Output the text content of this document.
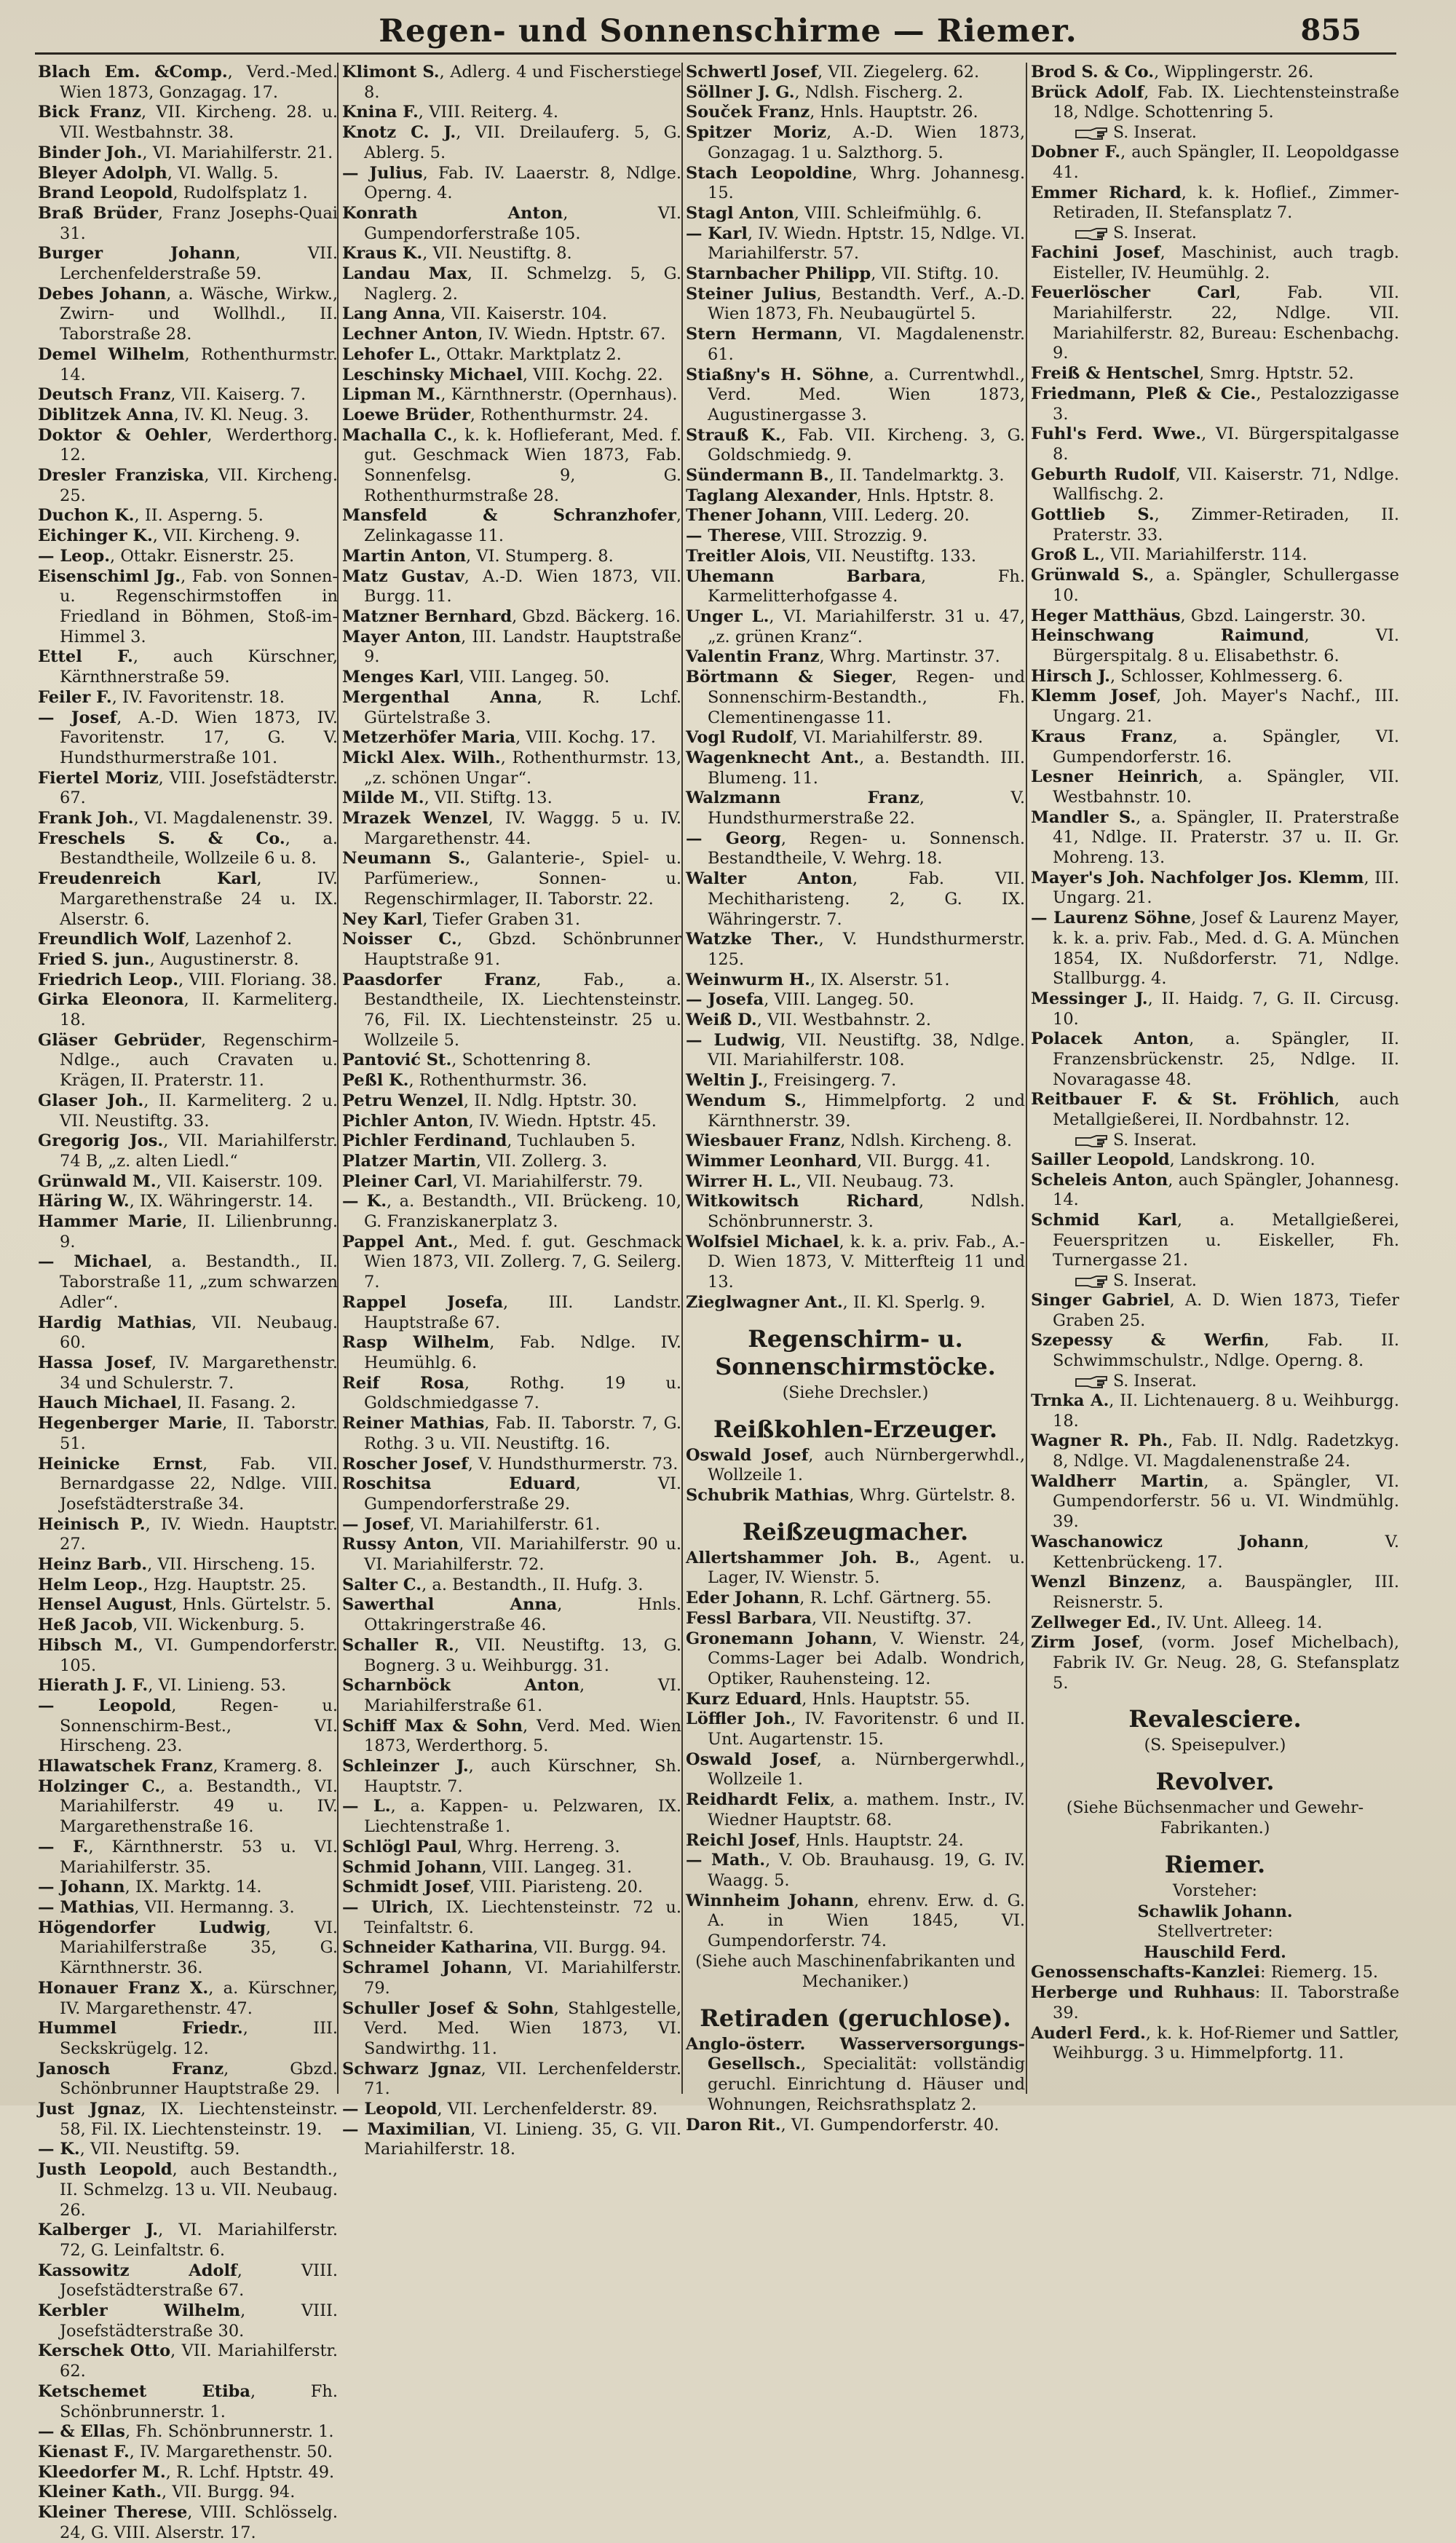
Regen- und Sonnenschirme — Riemer.	855
Blach Em. &Comp., Verd.-Med. Wien 1873, Gonzagag. 17.
Bick Franz, VII. Kircheng. 28. u. VII. Westbahnstr. 38.
Binder Joh., VI. Mariahilferstr. 21.
Bleyer Adolph, VI. Wallg. 5.
Brand Leopold, Rudolfsplatz 1.
Braß Brüder, Franz Josephs-Quai 31.
Burger Johann, VII. Lerchenfelderstraße 59.
Debes Johann, a. Wäsche, Wirkw., Zwirn- und Wollhdl., II. Taborstraße 28.
Demel Wilhelm, Rothenthurmstr. 14.
Deutsch Franz, VII. Kaiserg. 7.
Diblitzek Anna, IV. Kl. Neug. 3.
Doktor & Oehler, Werderthorg. 12.
Dresler Franziska, VII. Kircheng. 25.
Duchon K., II. Asperng. 5.
Eichinger K., VII. Kircheng. 9.
— Leop., Ottakr. Eisnerstr. 25.
Eisenschiml Jg., Fab. von Sonnen- u. Regenschirmstoffen in Friedland in Böhmen, Stoß-im-Himmel 3.
Ettel F., auch Kürschner, Kärnthnerstraße 59.
Feiler F., IV. Favoritenstr. 18.
— Josef, A.-D. Wien 1873, IV. Favoritenstr. 17, G. V. Hundsthurmerstraße 101.
Fiertel Moriz, VIII. Josefstädterstr. 67.
Frank Joh., VI. Magdalenenstr. 39.
Freschels S. & Co., a. Bestandtheile, Wollzeile 6 u. 8.
Freudenreich Karl, IV. Margarethenstraße 24 u. IX. Alserstr. 6.
Freundlich Wolf, Lazenhof 2.
Fried S. jun., Augustinerstr. 8.
Friedrich Leop., VIII. Floriang. 38.
Girka Eleonora, II. Karmeliterg. 18.
Gläser Gebrüder, Regenschirm-Ndlge., auch Cravaten u. Krägen, II. Praterstr. 11.
Glaser Joh., II. Karmeliterg. 2 u. VII. Neustiftg. 33.
Gregorig Jos., VII. Mariahilferstr. 74 B, „z. alten Liedl.“
Grünwald M., VII. Kaiserstr. 109.
Häring W., IX. Währingerstr. 14.
Hammer Marie, II. Lilienbrunng. 9.
— Michael, a. Bestandth., II. Taborstraße 11, „zum schwarzen Adler“.
Hardig Mathias, VII. Neubaug. 60.
Hassa Josef, IV. Margarethenstr. 34 und Schulerstr. 7.
Hauch Michael, II. Fasang. 2.
Hegenberger Marie, II. Taborstr. 51.
Heinicke Ernst, Fab. VII. Bernardgasse 22, Ndlge. VIII. Josefstädterstraße 34.
Heinisch P., IV. Wiedn. Hauptstr. 27.
Heinz Barb., VII. Hirscheng. 15.
Helm Leop., Hzg. Hauptstr. 25.
Hensel August, Hnls. Gürtelstr. 5.
Heß Jacob, VII. Wickenburg. 5.
Hibsch M., VI. Gumpendorferstr. 105.
Hierath J. F., VI. Linieng. 53.
— Leopold, Regen- u. Sonnenschirm-Best., VI. Hirscheng. 23.
Hlawatschek Franz, Kramerg. 8.
Holzinger C., a. Bestandth., VI. Mariahilferstr. 49 u. IV. Margarethenstraße 16.
— F., Kärnthnerstr. 53 u. VI. Mariahilferstr. 35.
— Johann, IX. Marktg. 14.
— Mathias, VII. Hermanng. 3.
Högendorfer Ludwig, VI. Mariahilferstraße 35, G. Kärnthnerstr. 36.
Honauer Franz X., a. Kürschner, IV. Margarethenstr. 47.
Hummel Friedr., III. Seckskrügelg. 12.
Janosch Franz, Gbzd. Schönbrunner Hauptstraße 29.
Just Jgnaz, IX. Liechtensteinstr. 58, Fil. IX. Liechtensteinstr. 19.
— K., VII. Neustiftg. 59.
Justh Leopold, auch Bestandth., II. Schmelzg. 13 u. VII. Neubaug. 26.
Kalberger J., VI. Mariahilferstr. 72, G. Leinfaltstr. 6.
Kassowitz Adolf, VIII. Josefstädterstraße 67.
Kerbler Wilhelm, VIII. Josefstädterstraße 30.
Kerschek Otto, VII. Mariahilferstr. 62.
Ketschemet Etiba, Fh. Schönbrunnerstr. 1.
— & Ellas, Fh. Schönbrunnerstr. 1.
Kienast F., IV. Margarethenstr. 50.
Kleedorfer M., R. Lchf. Hptstr. 49.
Kleiner Kath., VII. Burgg. 94.
Kleiner Therese, VIII. Schlösselg. 24, G. VIII. Alserstr. 17.
Klimont S., Adlerg. 4 und Fischerstiege 8.
Knina F., VIII. Reiterg. 4.
Knotz C. J., VII. Dreilauferg. 5, G. Ablerg. 5.
— Julius, Fab. IV. Laaerstr. 8, Ndlge. Operng. 4.
Konrath Anton, VI. Gumpendorferstraße 105.
Kraus K., VII. Neustiftg. 8.
Landau Max, II. Schmelzg. 5, G. Naglerg. 2.
Lang Anna, VII. Kaiserstr. 104.
Lechner Anton, IV. Wiedn. Hptstr. 67.
Lehofer L., Ottakr. Marktplatz 2.
Leschinsky Michael, VIII. Kochg. 22.
Lipman M., Kärnthnerstr. (Opernhaus).
Loewe Brüder, Rothenthurmstr. 24.
Machalla C., k. k. Hoflieferant, Med. f. gut. Geschmack Wien 1873, Fab. Sonnenfelsg. 9, G. Rothenthurmstraße 28.
Mansfeld & Schranzhofer, Zelinkagasse 11.
Martin Anton, VI. Stumperg. 8.
Matz Gustav, A.-D. Wien 1873, VII. Burgg. 11.
Matzner Bernhard, Gbzd. Bäckerg. 16.
Mayer Anton, III. Landstr. Hauptstraße 9.
Menges Karl, VIII. Langeg. 50.
Mergenthal Anna, R. Lchf. Gürtelstraße 3.
Metzerhöfer Maria, VIII. Kochg. 17.
Mickl Alex. Wilh., Rothenthurmstr. 13, „z. schönen Ungar“.
Milde M., VII. Stiftg. 13.
Mrazek Wenzel, IV. Waggg. 5 u. IV. Margarethenstr. 44.
Neumann S., Galanterie-, Spiel- u. Parfümeriew., Sonnen- u. Regenschirmlager, II. Taborstr. 22.
Ney Karl, Tiefer Graben 31.
Noisser C., Gbzd. Schönbrunner Hauptstraße 91.
Paasdorfer Franz, Fab., a. Bestandtheile, IX. Liechtensteinstr. 76, Fil. IX. Liechtensteinstr. 25 u. Wollzeile 5.
Pantović St., Schottenring 8.
Peßl K., Rothenthurmstr. 36.
Petru Wenzel, II. Ndlg. Hptstr. 30.
Pichler Anton, IV. Wiedn. Hptstr. 45.
Pichler Ferdinand, Tuchlauben 5.
Platzer Martin, VII. Zollerg. 3.
Pleiner Carl, VI. Mariahilferstr. 79.
— K., a. Bestandth., VII. Brückeng. 10, G. Franziskanerplatz 3.
Pappel Ant., Med. f. gut. Geschmack Wien 1873, VII. Zollerg. 7, G. Seilerg. 7.
Rappel Josefa, III. Landstr. Hauptstraße 67.
Rasp Wilhelm, Fab. Ndlge. IV. Heumühlg. 6.
Reif Rosa, Rothg. 19 u. Goldschmiedgasse 7.
Reiner Mathias, Fab. II. Taborstr. 7, G. Rothg. 3 u. VII. Neustiftg. 16.
Roscher Josef, V. Hundsthurmerstr. 73.
Roschitsa Eduard, VI. Gumpendorferstraße 29.
— Josef, VI. Mariahilferstr. 61.
Russy Anton, VII. Mariahilferstr. 90 u. VI. Mariahilferstr. 72.
Salter C., a. Bestandth., II. Hufg. 3.
Sawerthal Anna, Hnls. Ottakringerstraße 46.
Schaller R., VII. Neustiftg. 13, G. Bognerg. 3 u. Weihburgg. 31.
Scharnböck Anton, VI. Mariahilferstraße 61.
Schiff Max & Sohn, Verd. Med. Wien 1873, Werderthorg. 5.
Schleinzer J., auch Kürschner, Sh. Hauptstr. 7.
— L., a. Kappen- u. Pelzwaren, IX. Liechtenstraße 1.
Schlögl Paul, Whrg. Herreng. 3.
Schmid Johann, VIII. Langeg. 31.
Schmidt Josef, VIII. Piaristeng. 20.
— Ulrich, IX. Liechtensteinstr. 72 u. Teinfaltstr. 6.
Schneider Katharina, VII. Burgg. 94.
Schramel Johann, VI. Mariahilferstr. 79.
Schuller Josef & Sohn, Stahlgestelle, Verd. Med. Wien 1873, VI. Sandwirthg. 11.
Schwarz Jgnaz, VII. Lerchenfelderstr. 71.
— Leopold, VII. Lerchenfelderstr. 89.
— Maximilian, VI. Linieng. 35, G. VII. Mariahilferstr. 18.
Schwertl Josef, VII. Ziegelerg. 62.
Söllner J. G., Ndlsh. Fischerg. 2.
Souček Franz, Hnls. Hauptstr. 26.
Spitzer Moriz, A.-D. Wien 1873, Gonzagag. 1 u. Salzthorg. 5.
Stach Leopoldine, Whrg. Johannesg. 15.
Stagl Anton, VIII. Schleifmühlg. 6.
— Karl, IV. Wiedn. Hptstr. 15, Ndlge. VI. Mariahilferstr. 57.
Starnbacher Philipp, VII. Stiftg. 10.
Steiner Julius, Bestandth. Verf., A.-D. Wien 1873, Fh. Neubaugürtel 5.
Stern Hermann, VI. Magdalenenstr. 61.
Stiaßny's H. Söhne, a. Currentwhdl., Verd. Med. Wien 1873, Augustinergasse 3.
Strauß K., Fab. VII. Kircheng. 3, G. Goldschmiedg. 9.
Sündermann B., II. Tandelmarktg. 3.
Taglang Alexander, Hnls. Hptstr. 8.
Thener Johann, VIII. Lederg. 20.
— Therese, VIII. Strozzig. 9.
Treitler Alois, VII. Neustiftg. 133.
Uhemann Barbara, Fh. Karmelitterhofgasse 4.
Unger L., VI. Mariahilferstr. 31 u. 47, „z. grünen Kranz“.
Valentin Franz, Whrg. Martinstr. 37.
Börtmann & Sieger, Regen- und Sonnenschirm-Bestandth., Fh. Clementinengasse 11.
Vogl Rudolf, VI. Mariahilferstr. 89.
Wagenknecht Ant., a. Bestandth. III. Blumeng. 11.
Walzmann Franz, V. Hundsthurmerstraße 22.
— Georg, Regen- u. Sonnensch. Bestandtheile, V. Wehrg. 18.
Walter Anton, Fab. VII. Mechitharisteng. 2, G. IX. Währingerstr. 7.
Watzke Ther., V. Hundsthurmerstr. 125.
Weinwurm H., IX. Alserstr. 51.
— Josefa, VIII. Langeg. 50.
Weiß D., VII. Westbahnstr. 2.
— Ludwig, VII. Neustiftg. 38, Ndlge. VII. Mariahilferstr. 108.
Weltin J., Freisingerg. 7.
Wendum S., Himmelpfortg. 2 und Kärnthnerstr. 39.
Wiesbauer Franz, Ndlsh. Kircheng. 8.
Wimmer Leonhard, VII. Burgg. 41.
Wirrer H. L., VII. Neubaug. 73.
Witkowitsch Richard, Ndlsh. Schönbrunnerstr. 3.
Wolfsiel Michael, k. k. a. priv. Fab., A.-D. Wien 1873, V. Mitterfteig 11 und 13.
Zieglwagner Ant., II. Kl. Sperlg. 9.
Regenschirm- u. Sonnenschirmstöcke.
(Siehe Drechsler.)
Reißkohlen-Erzeuger.
Oswald Josef, auch Nürnbergerwhdl., Wollzeile 1.
Schubrik Mathias, Whrg. Gürtelstr. 8.
Reißzeugmacher.
Allertshammer Joh. B., Agent. u. Lager, IV. Wienstr. 5.
Eder Johann, R. Lchf. Gärtnerg. 55.
Fessl Barbara, VII. Neustiftg. 37.
Gronemann Johann, V. Wienstr. 24, Comms-Lager bei Adalb. Wondrich, Optiker, Rauhensteing. 12.
Kurz Eduard, Hnls. Hauptstr. 55.
Löffler Joh., IV. Favoritenstr. 6 und II. Unt. Augartenstr. 15.
Oswald Josef, a. Nürnbergerwhdl., Wollzeile 1.
Reidhardt Felix, a. mathem. Instr., IV. Wiedner Hauptstr. 68.
Reichl Josef, Hnls. Hauptstr. 24.
— Math., V. Ob. Brauhausg. 19, G. IV. Waagg. 5.
Winnheim Johann, ehrenv. Erw. d. G. A. in Wien 1845, VI. Gumpendorferstr. 74.
(Siehe auch Maschinenfabrikanten und Mechaniker.)
Retiraden (geruchlose).
Anglo-österr. Wasserversorgungs-Gesellsch., Specialität: vollständig geruchl. Einrichtung d. Häuser und Wohnungen, Reichsrathsplatz 2.
Daron Rit., VI. Gumpendorferstr. 40.
Brod S. & Co., Wipplingerstr. 26.
Brück Adolf, Fab. IX. Liechtensteinstraße 18, Ndlge. Schottenring 5.
S. Inserat.
Dobner F., auch Spängler, II. Leopoldgasse 41.
Emmer Richard, k. k. Hoflief., Zimmer-Retiraden, II. Stefansplatz 7.
S. Inserat.
Fachini Josef, Maschinist, auch tragb. Eisteller, IV. Heumühlg. 2.
Feuerlöscher Carl, Fab. VII. Mariahilferstr. 22, Ndlge. VII. Mariahilferstr. 82, Bureau: Eschenbachg. 9.
Freiß & Hentschel, Smrg. Hptstr. 52.
Friedmann, Pleß & Cie., Pestalozzigasse 3.
Fuhl's Ferd. Wwe., VI. Bürgerspitalgasse 8.
Geburth Rudolf, VII. Kaiserstr. 71, Ndlge. Wallfischg. 2.
Gottlieb S., Zimmer-Retiraden, II. Praterstr. 33.
Groß L., VII. Mariahilferstr. 114.
Grünwald S., a. Spängler, Schullergasse 10.
Heger Matthäus, Gbzd. Laingerstr. 30.
Heinschwang Raimund, VI. Bürgerspitalg. 8 u. Elisabethstr. 6.
Hirsch J., Schlosser, Kohlmesserg. 6.
Klemm Josef, Joh. Mayer's Nachf., III. Ungarg. 21.
Kraus Franz, a. Spängler, VI. Gumpendorferstr. 16.
Lesner Heinrich, a. Spängler, VII. Westbahnstr. 10.
Mandler S., a. Spängler, II. Praterstraße 41, Ndlge. II. Praterstr. 37 u. II. Gr. Mohreng. 13.
Mayer's Joh. Nachfolger Jos. Klemm, III. Ungarg. 21.
— Laurenz Söhne, Josef & Laurenz Mayer, k. k. a. priv. Fab., Med. d. G. A. München 1854, IX. Nußdorferstr. 71, Ndlge. Stallburgg. 4.
Messinger J., II. Haidg. 7, G. II. Circusg. 10.
Polacek Anton, a. Spängler, II. Franzensbrückenstr. 25, Ndlge. II. Novaragasse 48.
Reitbauer F. & St. Fröhlich, auch Metallgießerei, II. Nordbahnstr. 12.
S. Inserat.
Sailler Leopold, Landskrong. 10.
Scheleis Anton, auch Spängler, Johannesg. 14.
Schmid Karl, a. Metallgießerei, Feuerspritzen u. Eiskeller, Fh. Turnergasse 21.
S. Inserat.
Singer Gabriel, A. D. Wien 1873, Tiefer Graben 25.
Szepessy & Werfin, Fab. II. Schwimmschulstr., Ndlge. Operng. 8.
S. Inserat.
Trnka A., II. Lichtenauerg. 8 u. Weihburgg. 18.
Wagner R. Ph., Fab. II. Ndlg. Radetzkyg. 8, Ndlge. VI. Magdalenenstraße 24.
Waldherr Martin, a. Spängler, VI. Gumpendorferstr. 56 u. VI. Windmühlg. 39.
Waschanowicz Johann, V. Kettenbrückeng. 17.
Wenzl Binzenz, a. Bauspängler, III. Reisnerstr. 5.
Zellweger Ed., IV. Unt. Alleeg. 14.
Zirm Josef, (vorm. Josef Michelbach), Fabrik IV. Gr. Neug. 28, G. Stefansplatz 5.
Revalesciere.
(S. Speisepulver.)
Revolver.
(Siehe Büchsenmacher und Gewehr-Fabrikanten.)
Riemer.
Vorsteher:
Schawlik Johann.
Stellvertreter:
Hauschild Ferd.
Genossenschafts-Kanzlei: Riemerg. 15.
Herberge und Ruhhaus: II. Taborstraße 39.
Auderl Ferd., k. k. Hof-Riemer und Sattler, Weihburgg. 3 u. Himmelpfortg. 11.
